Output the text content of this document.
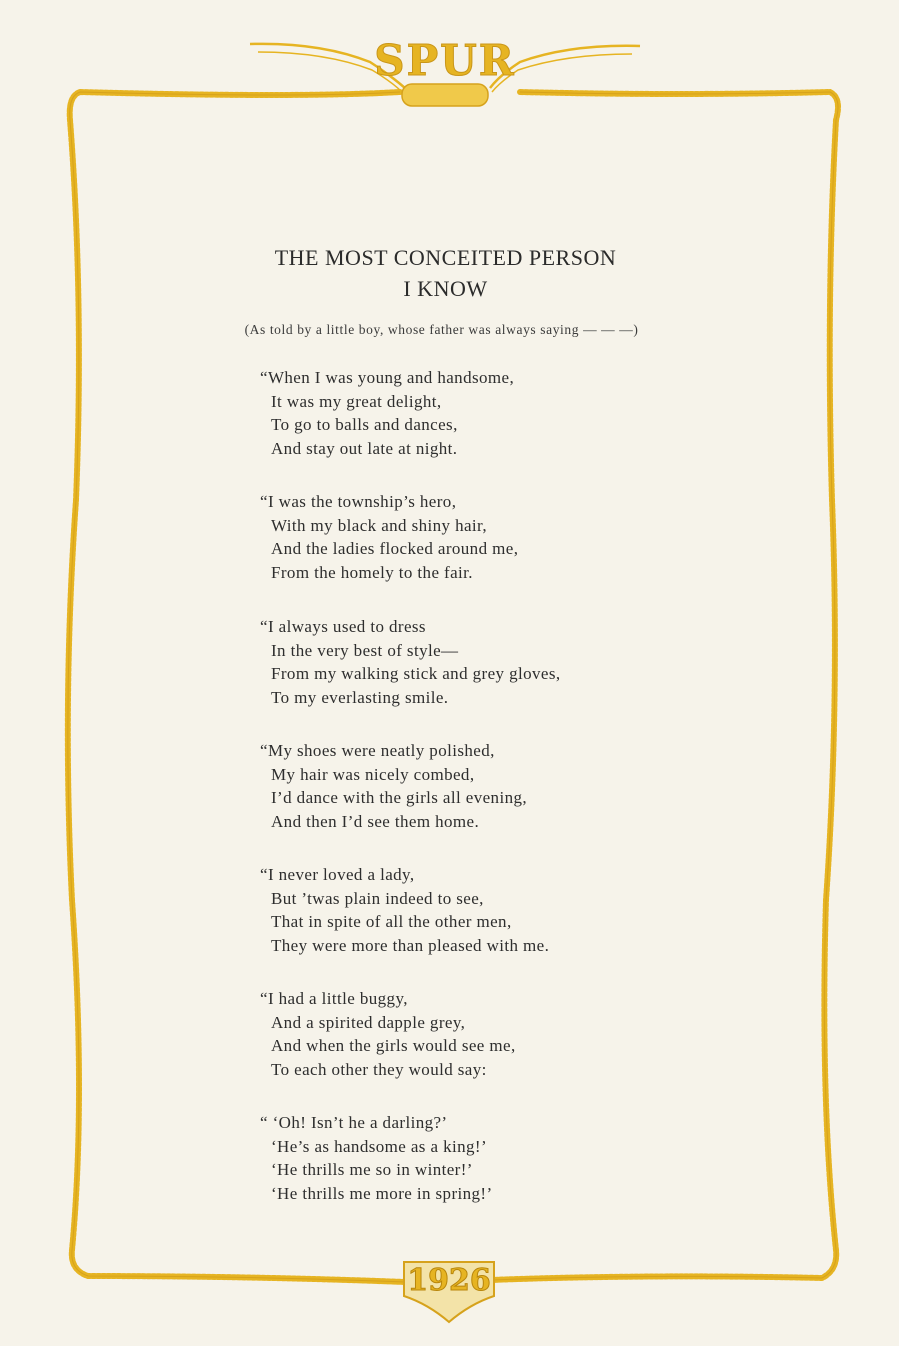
SPUR
1926
THE MOST CONCEITED PERSON
I KNOW
(As told by a little boy, whose father was always saying — — —)
“When I was young and handsome,
It was my great delight,
To go to balls and dances,
And stay out late at night.
“I was the township’s hero,
With my black and shiny hair,
And the ladies flocked around me,
From the homely to the fair.
“I always used to dress
In the very best of style—
From my walking stick and grey gloves,
To my everlasting smile.
“My shoes were neatly polished,
My hair was nicely combed,
I’d dance with the girls all evening,
And then I’d see them home.
“I never loved a lady,
But ’twas plain indeed to see,
That in spite of all the other men,
They were more than pleased with me.
“I had a little buggy,
And a spirited dapple grey,
And when the girls would see me,
To each other they would say:
“ ‘Oh! Isn’t he a darling?’
‘He’s as handsome as a king!’
‘He thrills me so in winter!’
‘He thrills me more in spring!’
